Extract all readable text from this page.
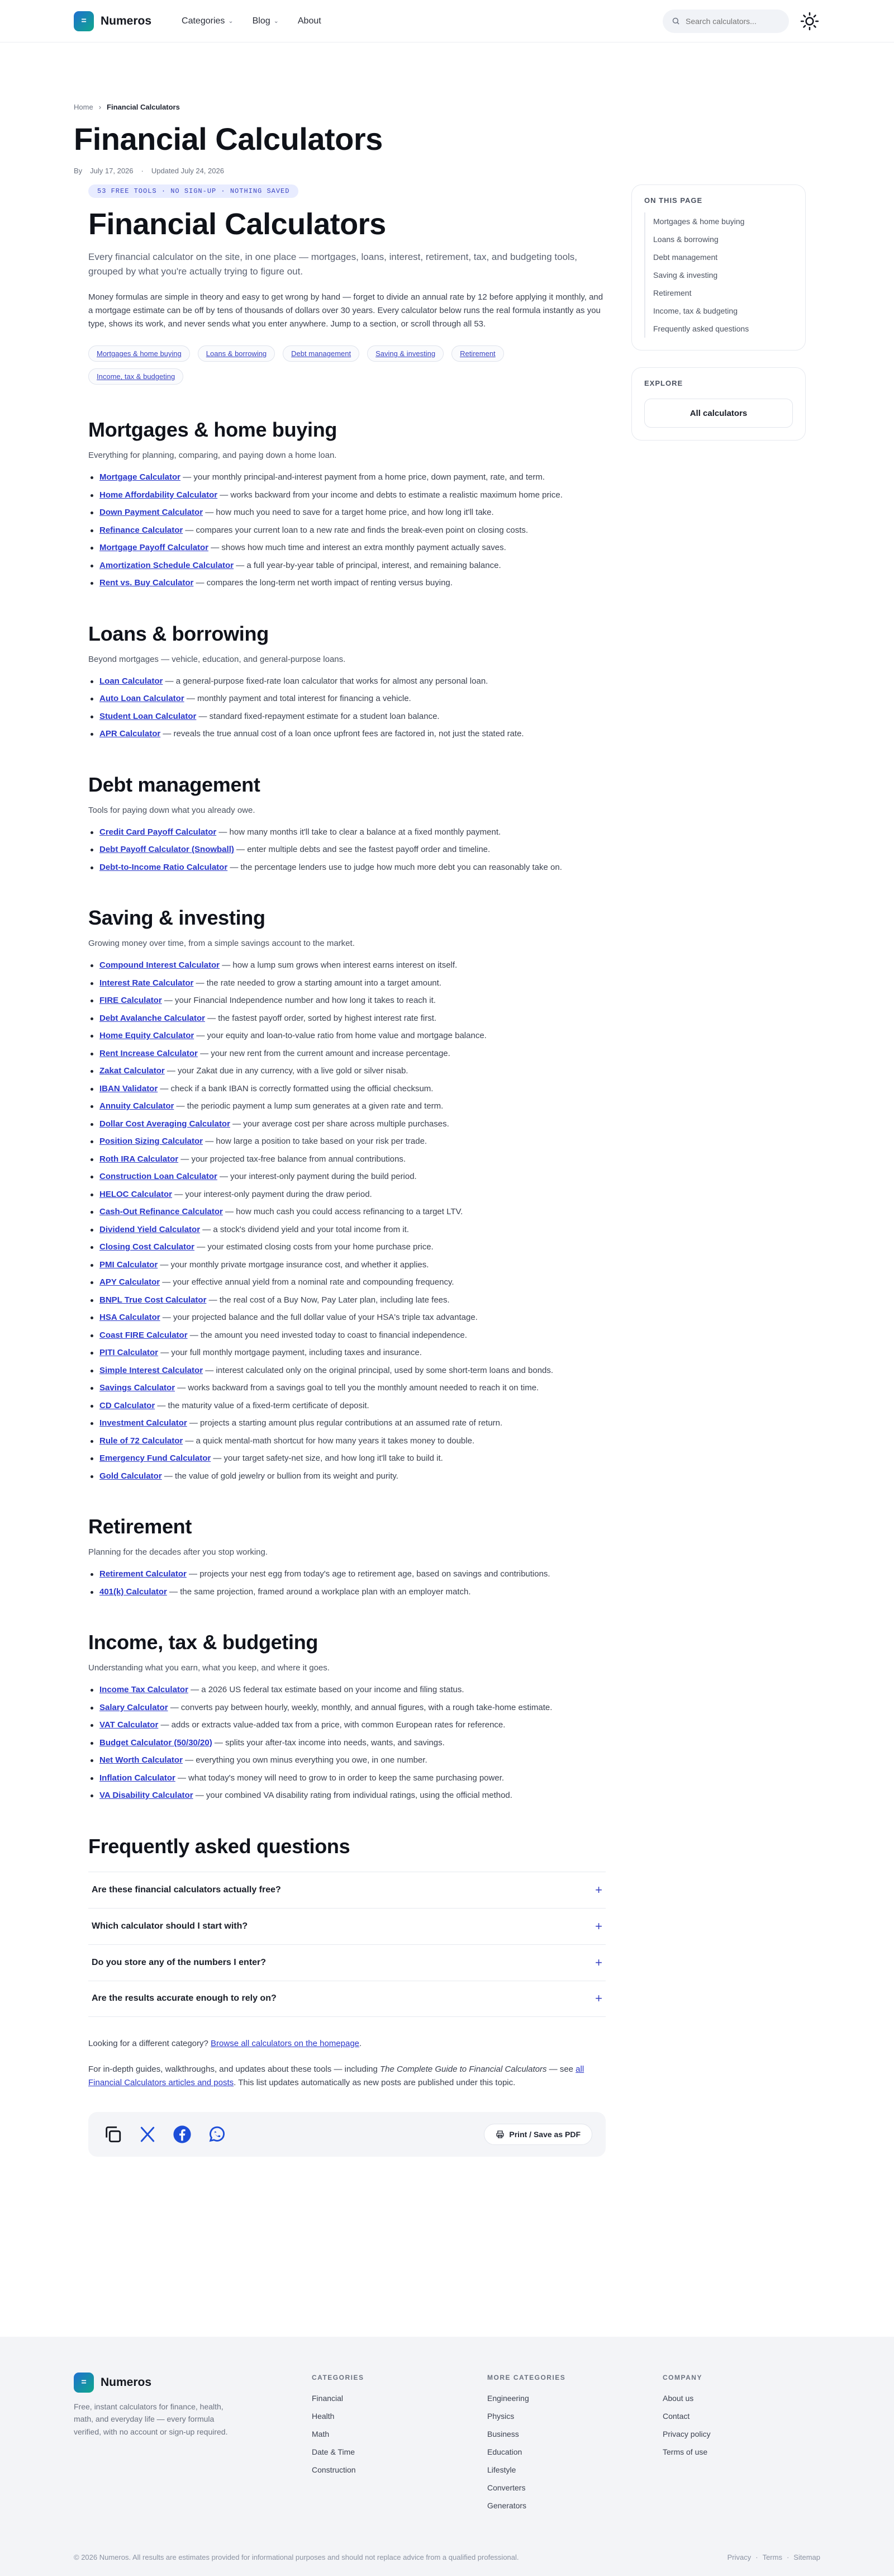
=	Numeros	Categories ⌄ Blog ⌄ About
Search calculators...
Home › Financial Calculators
Financial Calculators
By July 17, 2026 · Updated July 24, 2026
53 FREE TOOLS · NO SIGN-UP · NOTHING SAVED
Financial Calculators

Every financial calculator on the site, in one place — mortgages, loans, interest, retirement, tax, and budgeting tools, grouped by what you're actually trying to figure out.

Money formulas are simple in theory and easy to get wrong by hand — forget to divide an annual rate by 12 before applying it monthly, and a mortgage estimate can be off by tens of thousands of dollars over 30 years. Every calculator below runs the real formula instantly as you type, shows its work, and never sends what you enter anywhere. Jump to a section, or scroll through all 53.

Mortgages & home buying	Loans & borrowing	Debt management	Saving & investing	Retirement
Income, tax & budgeting
Mortgages & home buying

Everything for planning, comparing, and paying down a home loan.

Mortgage Calculator — your monthly principal-and-interest payment from a home price, down payment, rate, and term.
Home Affordability Calculator — works backward from your income and debts to estimate a realistic maximum home price.
Down Payment Calculator — how much you need to save for a target home price, and how long it'll take.
Refinance Calculator — compares your current loan to a new rate and finds the break-even point on closing costs.
Mortgage Payoff Calculator — shows how much time and interest an extra monthly payment actually saves.
Amortization Schedule Calculator — a full year-by-year table of principal, interest, and remaining balance.
Rent vs. Buy Calculator — compares the long-term net worth impact of renting versus buying.
Loans & borrowing

Beyond mortgages — vehicle, education, and general-purpose loans.

Loan Calculator — a general-purpose fixed-rate loan calculator that works for almost any personal loan.
Auto Loan Calculator — monthly payment and total interest for financing a vehicle.
Student Loan Calculator — standard fixed-repayment estimate for a student loan balance.
APR Calculator — reveals the true annual cost of a loan once upfront fees are factored in, not just the stated rate.
Debt management

Tools for paying down what you already owe.

Credit Card Payoff Calculator — how many months it'll take to clear a balance at a fixed monthly payment.
Debt Payoff Calculator (Snowball) — enter multiple debts and see the fastest payoff order and timeline.
Debt-to-Income Ratio Calculator — the percentage lenders use to judge how much more debt you can reasonably take on.
Saving & investing

Growing money over time, from a simple savings account to the market.

Compound Interest Calculator — how a lump sum grows when interest earns interest on itself.
Interest Rate Calculator — the rate needed to grow a starting amount into a target amount.
FIRE Calculator — your Financial Independence number and how long it takes to reach it.
Debt Avalanche Calculator — the fastest payoff order, sorted by highest interest rate first.
Home Equity Calculator — your equity and loan-to-value ratio from home value and mortgage balance.
Rent Increase Calculator — your new rent from the current amount and increase percentage.
Zakat Calculator — your Zakat due in any currency, with a live gold or silver nisab.
IBAN Validator — check if a bank IBAN is correctly formatted using the official checksum.
Annuity Calculator — the periodic payment a lump sum generates at a given rate and term.
Dollar Cost Averaging Calculator — your average cost per share across multiple purchases.
Position Sizing Calculator — how large a position to take based on your risk per trade.
Roth IRA Calculator — your projected tax-free balance from annual contributions.
Construction Loan Calculator — your interest-only payment during the build period.
HELOC Calculator — your interest-only payment during the draw period.
Cash-Out Refinance Calculator — how much cash you could access refinancing to a target LTV.
Dividend Yield Calculator — a stock's dividend yield and your total income from it.
Closing Cost Calculator — your estimated closing costs from your home purchase price.
PMI Calculator — your monthly private mortgage insurance cost, and whether it applies.
APY Calculator — your effective annual yield from a nominal rate and compounding frequency.
BNPL True Cost Calculator — the real cost of a Buy Now, Pay Later plan, including late fees.
HSA Calculator — your projected balance and the full dollar value of your HSA's triple tax advantage.
Coast FIRE Calculator — the amount you need invested today to coast to financial independence.
PITI Calculator — your full monthly mortgage payment, including taxes and insurance.
Simple Interest Calculator — interest calculated only on the original principal, used by some short-term loans and bonds.
Savings Calculator — works backward from a savings goal to tell you the monthly amount needed to reach it on time.
CD Calculator — the maturity value of a fixed-term certificate of deposit.
Investment Calculator — projects a starting amount plus regular contributions at an assumed rate of return.
Rule of 72 Calculator — a quick mental-math shortcut for how many years it takes money to double.
Emergency Fund Calculator — your target safety-net size, and how long it'll take to build it.
Gold Calculator — the value of gold jewelry or bullion from its weight and purity.
Retirement

Planning for the decades after you stop working.

Retirement Calculator — projects your nest egg from today's age to retirement age, based on savings and contributions.
401(k) Calculator — the same projection, framed around a workplace plan with an employer match.
Income, tax & budgeting

Understanding what you earn, what you keep, and where it goes.

Income Tax Calculator — a 2026 US federal tax estimate based on your income and filing status.
Salary Calculator — converts pay between hourly, weekly, monthly, and annual figures, with a rough take-home estimate.
VAT Calculator — adds or extracts value-added tax from a price, with common European rates for reference.
Budget Calculator (50/30/20) — splits your after-tax income into needs, wants, and savings.
Net Worth Calculator — everything you own minus everything you owe, in one number.
Inflation Calculator — what today's money will need to grow to in order to keep the same purchasing power.
VA Disability Calculator — your combined VA disability rating from individual ratings, using the official method.
Frequently asked questions
Are these financial calculators actually free?	+
Which calculator should I start with?	+
Do you store any of the numbers I enter?	+
Are the results accurate enough to rely on?	+

Looking for a different category? Browse all calculators on the homepage.

For in-depth guides, walkthroughs, and updates about these tools — including The Complete Guide to Financial Calculators — see all Financial Calculators articles and posts. This list updates automatically as new posts are published under this topic.

Print / Save as PDF
ON THIS PAGE
Mortgages & home buying
Loans & borrowing
Debt management
Saving & investing
Retirement
Income, tax & budgeting
Frequently asked questions
EXPLORE
All calculators
=	Numeros

Free, instant calculators for finance, health, math, and everyday life — every formula verified, with no account or sign-up required.

CATEGORIES
Financial
Health
Math
Date & Time
Construction
MORE CATEGORIES
Engineering
Physics
Business
Education
Lifestyle
Converters
Generators
COMPANY
About us
Contact
Privacy policy
Terms of use
© 2026 Numeros. All results are estimates provided for informational purposes and should not replace advice from a qualified professional.	Privacy · Terms · Sitemap
